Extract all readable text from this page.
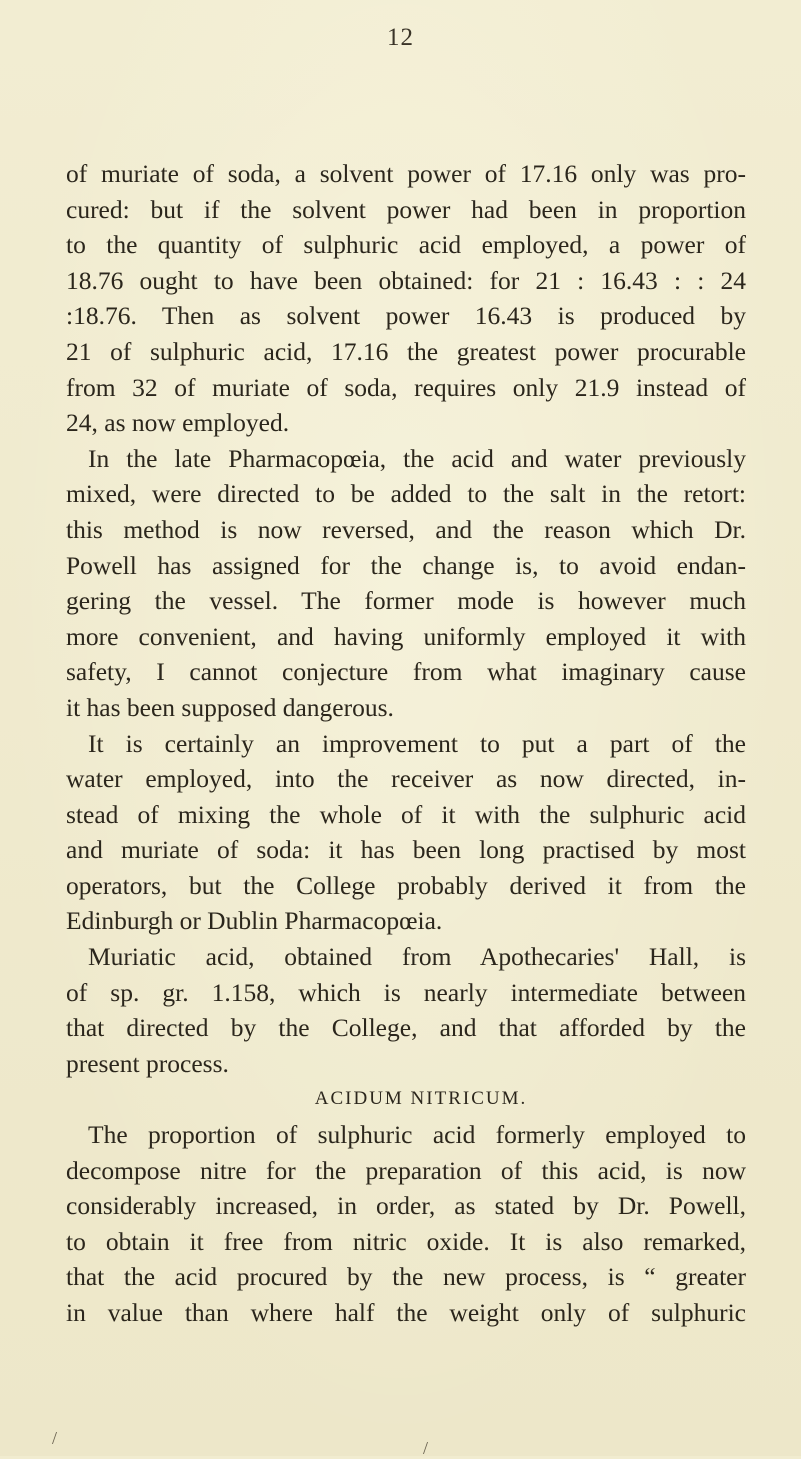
12
of muriate of soda, a solvent power of 17.16 only was pro-
cured: but if the solvent power had been in proportion
to the quantity of sulphuric acid employed, a power of
18.76 ought to have been obtained: for 21 : 16.43 : : 24
:18.76. Then as solvent power 16.43 is produced by
21 of sulphuric acid, 17.16 the greatest power procurable
from 32 of muriate of soda, requires only 21.9 instead of
24, as now employed.
In the late Pharmacopœia, the acid and water previously
mixed, were directed to be added to the salt in the retort:
this method is now reversed, and the reason which Dr.
Powell has assigned for the change is, to avoid endan-
gering the vessel. The former mode is however much
more convenient, and having uniformly employed it with
safety, I cannot conjecture from what imaginary cause
it has been supposed dangerous.
It is certainly an improvement to put a part of the
water employed, into the receiver as now directed, in-
stead of mixing the whole of it with the sulphuric acid
and muriate of soda: it has been long practised by most
operators, but the College probably derived it from the
Edinburgh or Dublin Pharmacopœia.
Muriatic acid, obtained from Apothecaries' Hall, is
of sp. gr. 1.158, which is nearly intermediate between
that directed by the College, and that afforded by the
present process.
ACIDUM NITRICUM.
The proportion of sulphuric acid formerly employed to
decompose nitre for the preparation of this acid, is now
considerably increased, in order, as stated by Dr. Powell,
to obtain it free from nitric oxide. It is also remarked,
that the acid procured by the new process, is “ greater
in value than where half the weight only of sulphuric
/	/
